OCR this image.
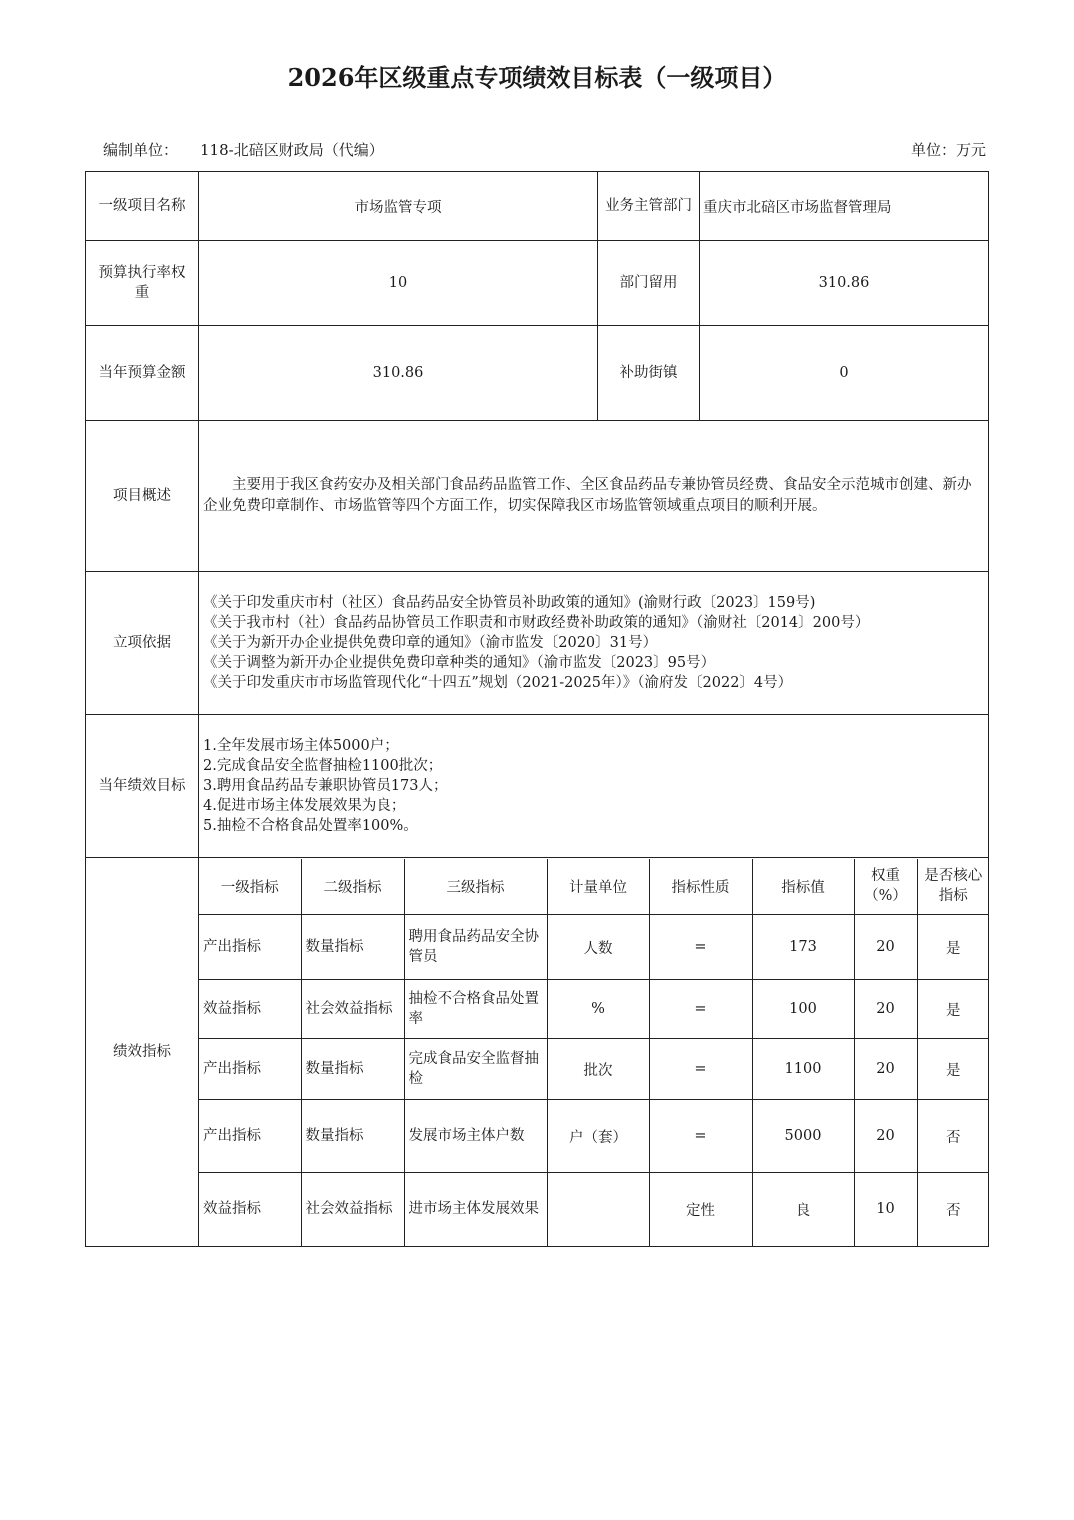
2026年区级重点专项绩效目标表（一级项目）
编制单位： 118-北碚区财政局（代编）	单位：万元
一级项目名称	市场监管专项	业务主管部门	重庆市北碚区市场监督管理局
预算执行率权重	10	部门留用	310.86
当年预算金额	310.86	补助街镇	0
项目概述	主要用于我区食药安办及相关部门食品药品监管工作、全区食品药品专兼协管员经费、食品安全示范城市创建、新办企业免费印章制作、市场监管等四个方面工作，切实保障我区市场监管领域重点项目的顺利开展。
立项依据	
《关于印发重庆市村（社区）食品药品安全协管员补助政策的通知》(渝财行政〔2023〕159号)
《关于我市村（社）食品药品协管员工作职责和市财政经费补助政策的通知》（渝财社〔2014〕200号）
《关于为新开办企业提供免费印章的通知》（渝市监发〔2020〕31号）
《关于调整为新开办企业提供免费印章种类的通知》（渝市监发〔2023〕95号）
《关于印发重庆市市场监管现代化“十四五”规划（2021-2025年）》（渝府发〔2022〕4号）

当年绩效目标	
1.全年发展市场主体5000户；
2.完成食品安全监督抽检1100批次；
3.聘用食品药品专兼职协管员173人；
4.促进市场主体发展效果为良；
5.抽检不合格食品处置率100%。

绩效指标	
一级指标	二级指标	三级指标	计量单位	指标性质	指标值	权重（%）	是否核心指标
产出指标	数量指标	聘用食品药品安全协管员	人数	=	173	20	是
效益指标	社会效益指标	抽检不合格食品处置率	%	=	100	20	是
产出指标	数量指标	完成食品安全监督抽检	批次	=	1100	20	是
产出指标	数量指标	发展市场主体户数	户（套）	=	5000	20	否
效益指标	社会效益指标	进市场主体发展效果		定性	良	10	否
